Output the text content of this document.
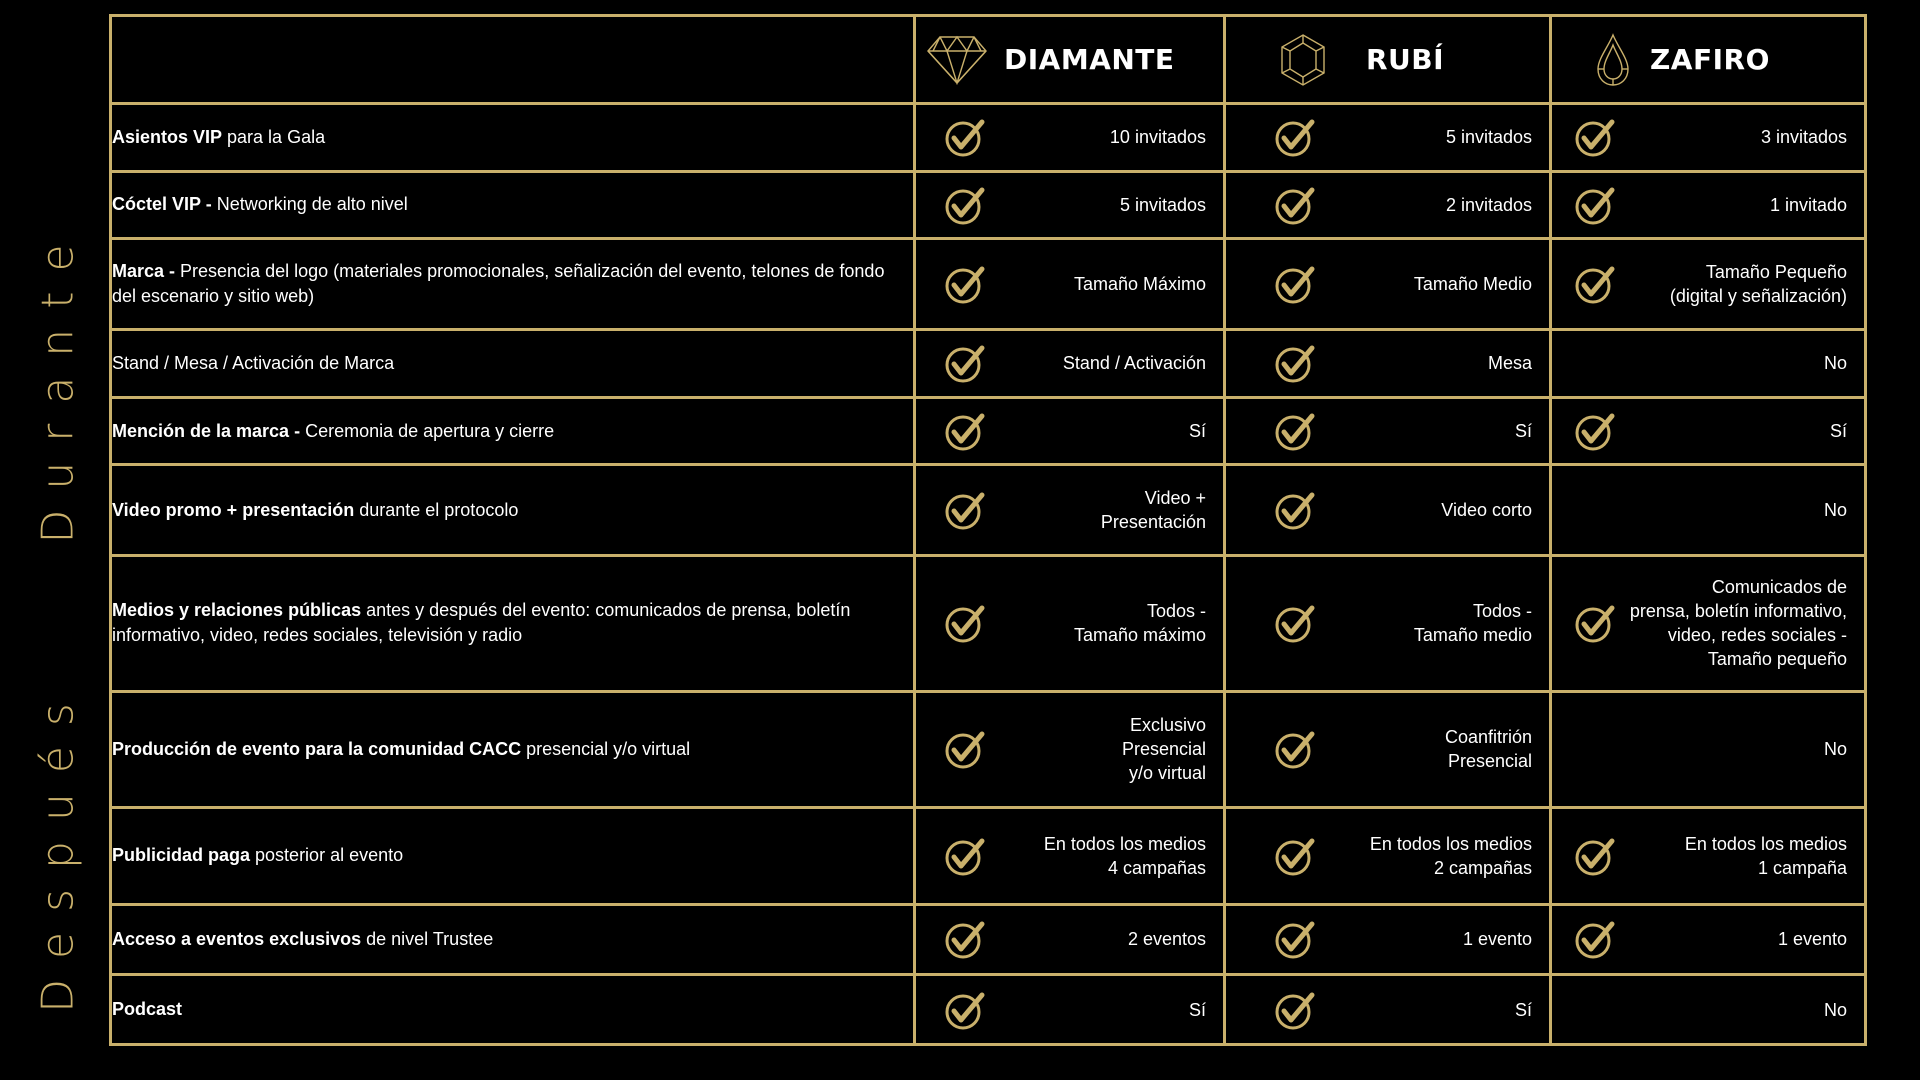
Durante
Después

	DIAMANTE	RUBÍ	ZAFIRO

Asientos VIP para la Gala	10 invitados	5 invitados	3 invitados

Cóctel VIP - Networking de alto nivel	5 invitados	2 invitados	1 invitado

Marca - Presencia del logo (materiales promocionales, señalización del evento, telones de fondo del escenario y sitio web)	Tamaño Máximo	Tamaño Medio	Tamaño Pequeño
(digital y señalización)

Stand / Mesa / Activación de Marca	Stand / Activación	Mesa	No

Mención de la marca - Ceremonia de apertura y cierre	Sí	Sí	Sí

Video promo + presentación durante el protocolo	Video +
Presentación	Video corto	No

Medios y relaciones públicas antes y después del evento: comunicados de prensa, boletín informativo, video, redes sociales, televisión y radio	Todos -
Tamaño máximo	Todos -
Tamaño medio	Comunicados de
prensa, boletín informativo,
video, redes sociales -
Tamaño pequeño

Producción de evento para la comunidad CACC presencial y/o virtual	Exclusivo
Presencial
y/o virtual	Coanfitrión
Presencial	No

Publicidad paga posterior al evento	En todos los medios
4 campañas	En todos los medios
2 campañas	En todos los medios
1 campaña

Acceso a eventos exclusivos de nivel Trustee	2 eventos	1 evento	1 evento

Podcast	Sí	Sí	No
